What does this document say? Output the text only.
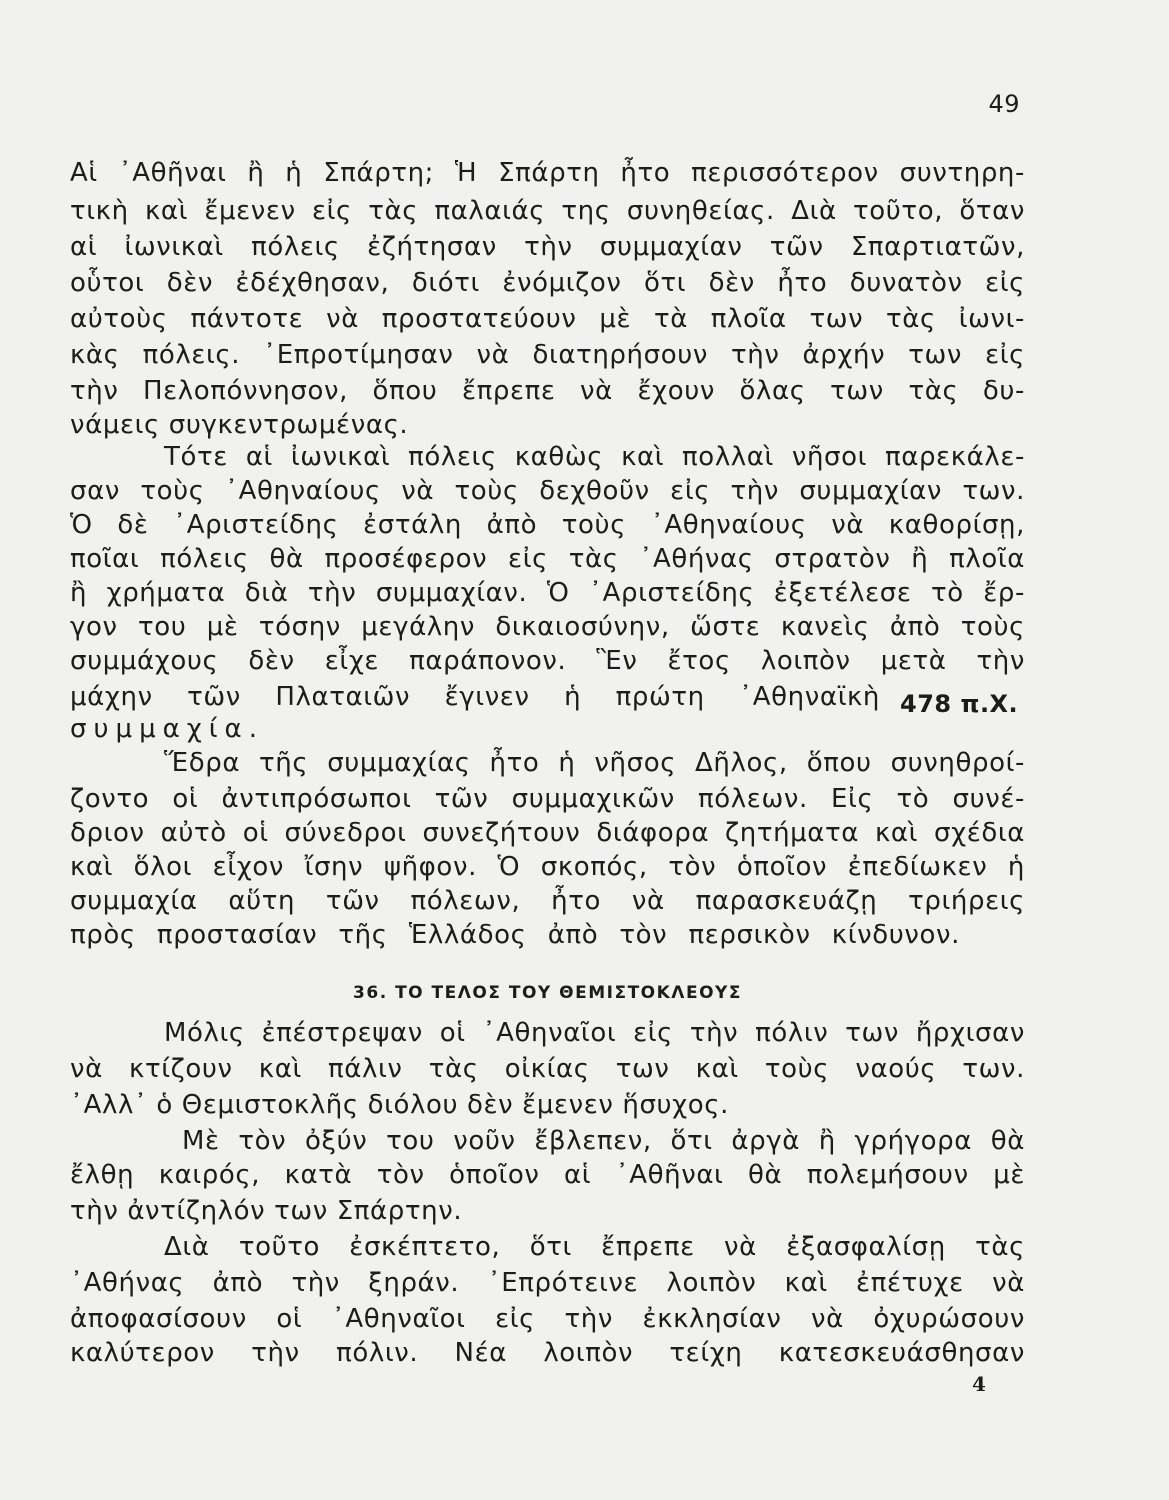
49
Αἱ ᾿Αθῆναι ἢ ἡ Σπάρτη; Ἡ Σπάρτη ἦτο περισσότερον συντηρη-
τικὴ καὶ ἔμενεν εἰς τὰς παλαιάς της συνηθείας. Διὰ τοῦτο, ὅταν
αἱ ἰωνικαὶ πόλεις ἐζήτησαν τὴν συμμαχίαν τῶν Σπαρτιατῶν,
οὗτοι δὲν ἐδέχθησαν, διότι ἐνόμιζον ὅτι δὲν ἦτο δυνατὸν εἰς
αὐτοὺς πάντοτε νὰ προστατεύουν μὲ τὰ πλοῖα των τὰς ἰωνι-
κὰς πόλεις. ᾿Επροτίμησαν νὰ διατηρήσουν τὴν ἀρχήν των εἰς
τὴν Πελοπόννησον, ὅπου ἔπρεπε νὰ ἔχουν ὅλας των τὰς δυ-
νάμεις συγκεντρωμένας.
Τότε αἱ ἰωνικαὶ πόλεις καθὼς καὶ πολλαὶ νῆσοι παρεκάλε-
σαν τοὺς ᾿Αθηναίους νὰ τοὺς δεχθοῦν εἰς τὴν συμμαχίαν των.
Ὁ δὲ ᾿Αριστείδης ἐστάλη ἀπὸ τοὺς ᾿Αθηναίους νὰ καθορίσῃ,
ποῖαι πόλεις θὰ προσέφερον εἰς τὰς ᾿Αθήνας στρατὸν ἢ πλοῖα
ἢ χρήματα διὰ τὴν συμμαχίαν. Ὁ ᾿Αριστείδης ἐξετέλεσε τὸ ἔρ-
γον του μὲ τόσην μεγάλην δικαιοσύνην, ὥστε κανεὶς ἀπὸ τοὺς
συμμάχους δὲν εἶχε παράπονον. Ἓν ἔτος λοιπὸν μετὰ τὴν
μάχην τῶν Πλαταιῶν ἔγινεν ἡ πρώτη ᾿Αθηναϊκὴ
συμμαχία.
478 π.Χ.
Ἕδρα τῆς συμμαχίας ἦτο ἡ νῆσος Δῆλος, ὅπου συνηθροί-
ζοντο οἱ ἀντιπρόσωποι τῶν συμμαχικῶν πόλεων. Εἰς τὸ συνέ-
δριον αὐτὸ οἱ σύνεδροι συνεζήτουν διάφορα ζητήματα καὶ σχέδια
καὶ ὅλοι εἶχον ἴσην ψῆφον. Ὁ σκοπός, τὸν ὁποῖον ἐπεδίωκεν ἡ
συμμαχία αὕτη τῶν πόλεων, ἦτο νὰ παρασκευάζῃ τριήρεις
πρὸς προστασίαν τῆς Ἑλλάδος ἀπὸ τὸν περσικὸν κίνδυνον.
36. ΤΟ ΤΕΛΟΣ ΤΟΥ ΘΕΜΙΣΤΟΚΛΕΟΥΣ
Μόλις ἐπέστρεψαν οἱ ᾿Αθηναῖοι εἰς τὴν πόλιν των ἤρχισαν
νὰ κτίζουν καὶ πάλιν τὰς οἰκίας των καὶ τοὺς ναούς των.
᾿Αλλ᾿ ὁ Θεμιστοκλῆς διόλου δὲν ἔμενεν ἥσυχος.
Μὲ τὸν ὀξύν του νοῦν ἔβλεπεν, ὅτι ἀργὰ ἢ γρήγορα θὰ
ἔλθῃ καιρός, κατὰ τὸν ὁποῖον αἱ ᾿Αθῆναι θὰ πολεμήσουν μὲ
τὴν ἀντίζηλόν των Σπάρτην.
Διὰ τοῦτο ἐσκέπτετο, ὅτι ἔπρεπε νὰ ἐξασφαλίσῃ τὰς
᾿Αθήνας ἀπὸ τὴν ξηράν. ᾿Επρότεινε λοιπὸν καὶ ἐπέτυχε νὰ
ἀποφασίσουν οἱ ᾿Αθηναῖοι εἰς τὴν ἐκκλησίαν νὰ ὀχυρώσουν
καλύτερον τὴν πόλιν. Νέα λοιπὸν τείχη κατεσκευάσθησαν
4
